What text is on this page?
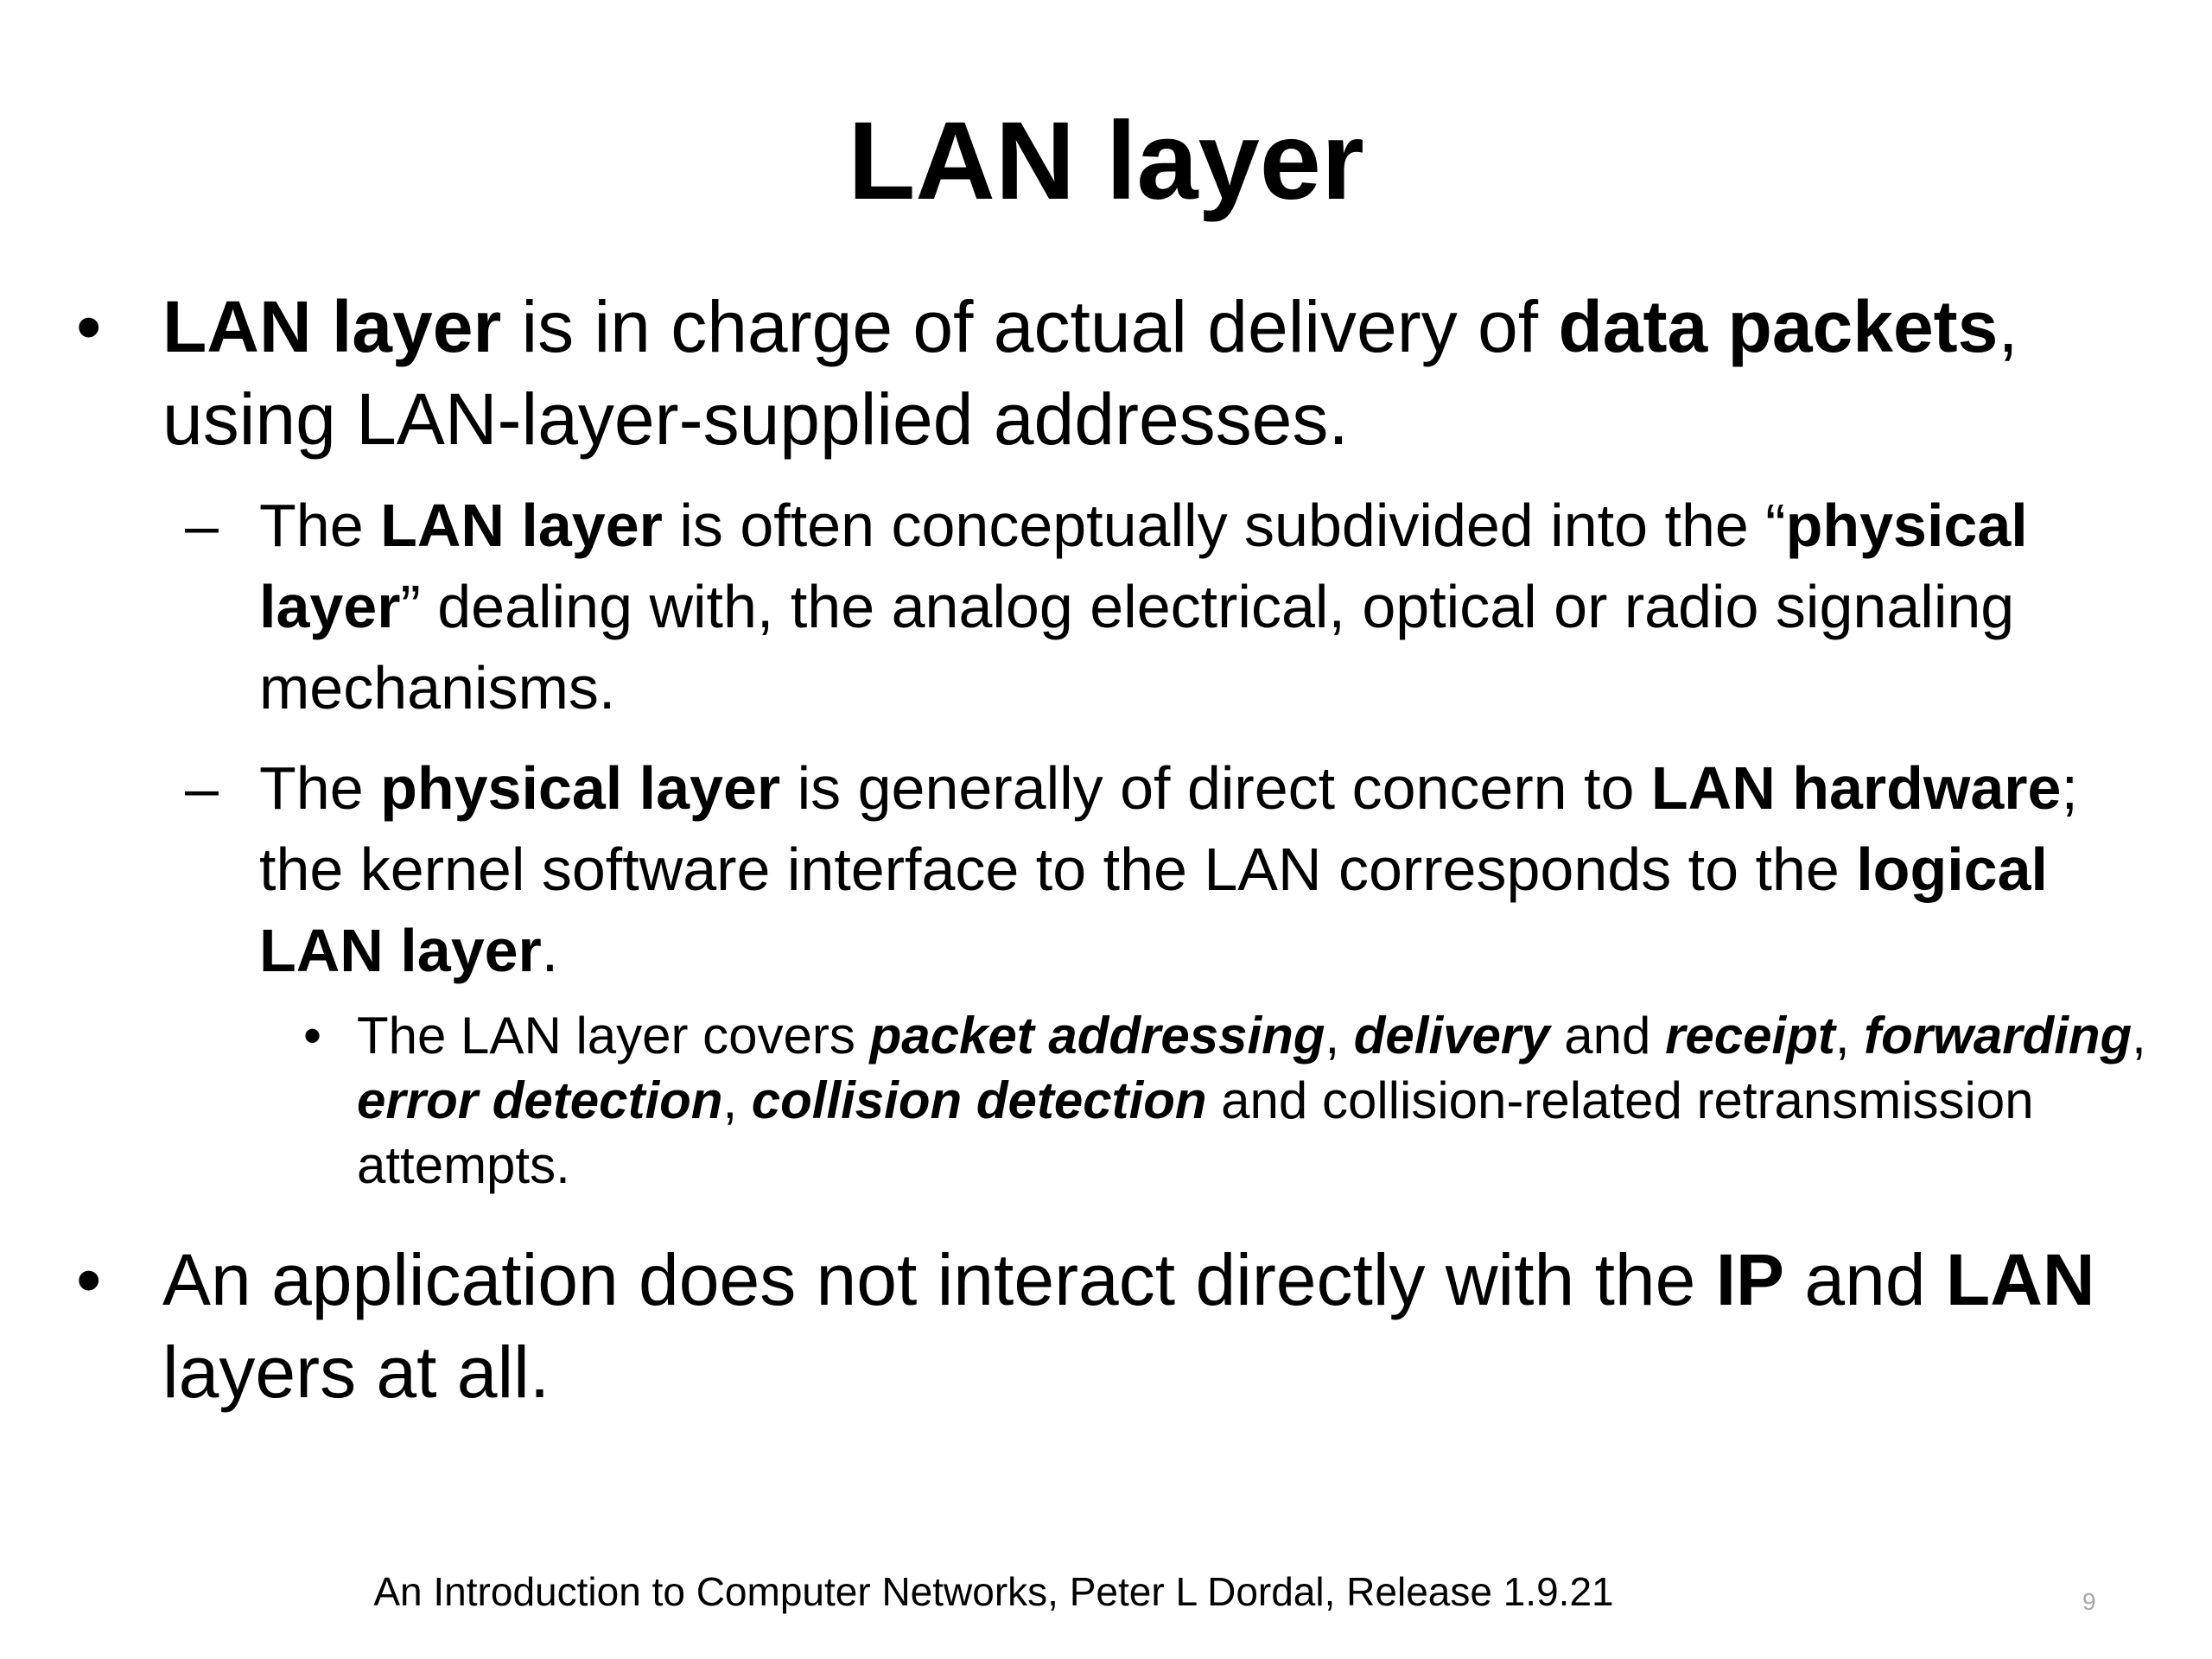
LAN layer
• LAN layer is in charge of actual delivery of data packets, using LAN-layer-supplied addresses.
– The LAN layer is often conceptually subdivided into the “physical layer” dealing with, the analog electrical, optical or radio signaling mechanisms.
– The physical layer is generally of direct concern to LAN hardware; the kernel software interface to the LAN corresponds to the logical LAN layer.
• The LAN layer covers packet addressing, delivery and receipt, forwarding, error detection, collision detection and collision-related retransmission attempts.
• An application does not interact directly with the IP and LAN layers at all.
An Introduction to Computer Networks, Peter L Dordal, Release 1.9.21	9
